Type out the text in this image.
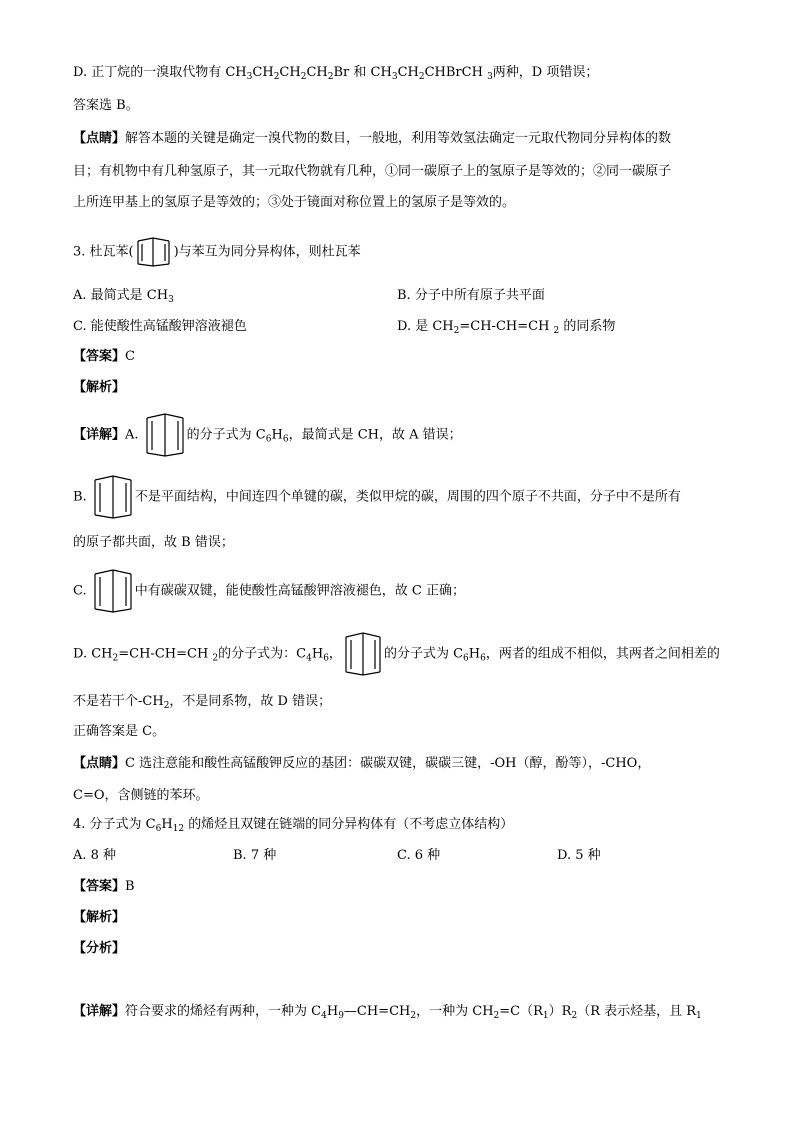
D. 正丁烷的一溴取代物有 $CH_3CH_2CH_2CH_2Br$ 和 $CH_3CH_2CHBrCH$ $_3$两种，D 项错误；
答案选 B。
【点睛】解答本题的关键是确定一溴代物的数目，一般地，利用等效氢法确定一元取代物同分异构体的数
目；有机物中有几种氢原子，其一元取代物就有几种，①同一碳原子上的氢原子是等效的；②同一碳原子
上所连甲基上的氢原子是等效的；③处于镜面对称位置上的氢原子是等效的。
3. 杜瓦苯(	)与苯互为同分异构体，则杜瓦苯
A. 最简式是 $CH_3$	B. 分子中所有原子共平面
C. 能使酸性高锰酸钾溶液褪色	D. 是 $CH_2=CH-CH=CH$ $_2$ 的同系物
【答案】C
【解析】
【详解】A.	的分子式为 $C_6H_6$，最简式是 CH，故 A 错误；
B.	不是平面结构，中间连四个单键的碳，类似甲烷的碳，周围的四个原子不共面，分子中不是所有
的原子都共面，故 B 错误；
C.	中有碳碳双键，能使酸性高锰酸钾溶液褪色，故 C 正确；
D. $CH_2=CH-CH=CH$ $_2$的分子式为：$C_4H_6$，	的分子式为 $C_6H_6$，两者的组成不相似，其两者之间相差的
不是若干个$-CH_2$，不是同系物，故 D 错误；
正确答案是 C。
【点睛】C 选注意能和酸性高锰酸钾反应的基团：碳碳双键，碳碳三键，-OH（醇，酚等），-CHO，
C=O，含侧链的苯环。
4. 分子式为 $C_6H_{12}$ 的烯烃且双键在链端的同分异构体有（不考虑立体结构）
A. 8 种	B. 7 种	C. 6 种	D. 5 种
【答案】B
【解析】
【分析】
【详解】符合要求的烯烃有两种，一种为 $C_4H_9—CH=CH_2$，一种为 $CH_2=C(R_1)R_2(R$ 表示烃基，且 $R_1$
